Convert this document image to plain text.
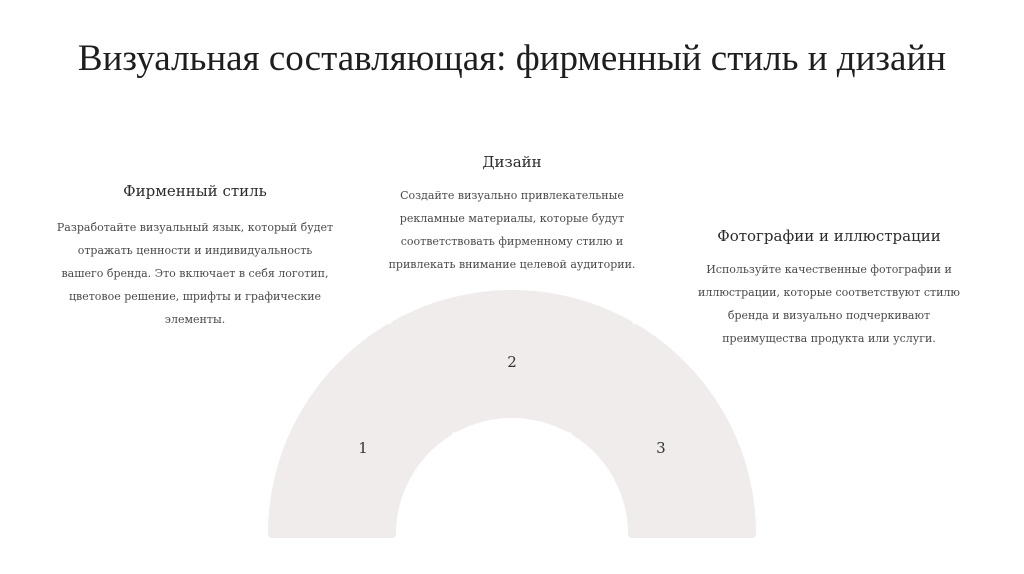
Визуальная составляющая: фирменный стиль и дизайн

Фирменный стиль

Разработайте визуальный язык, который будет
отражать ценности и индивидуальность
вашего бренда. Это включает в себя логотип,
цветовое решение, шрифты и графические
элементы.

Дизайн

Создайте визуально привлекательные
рекламные материалы, которые будут
соответствовать фирменному стилю и
привлекать внимание целевой аудитории.

Фотографии и иллюстрации

Используйте качественные фотографии и
иллюстрации, которые соответствуют стилю
бренда и визуально подчеркивают
преимущества продукта или услуги.

1
2
3
